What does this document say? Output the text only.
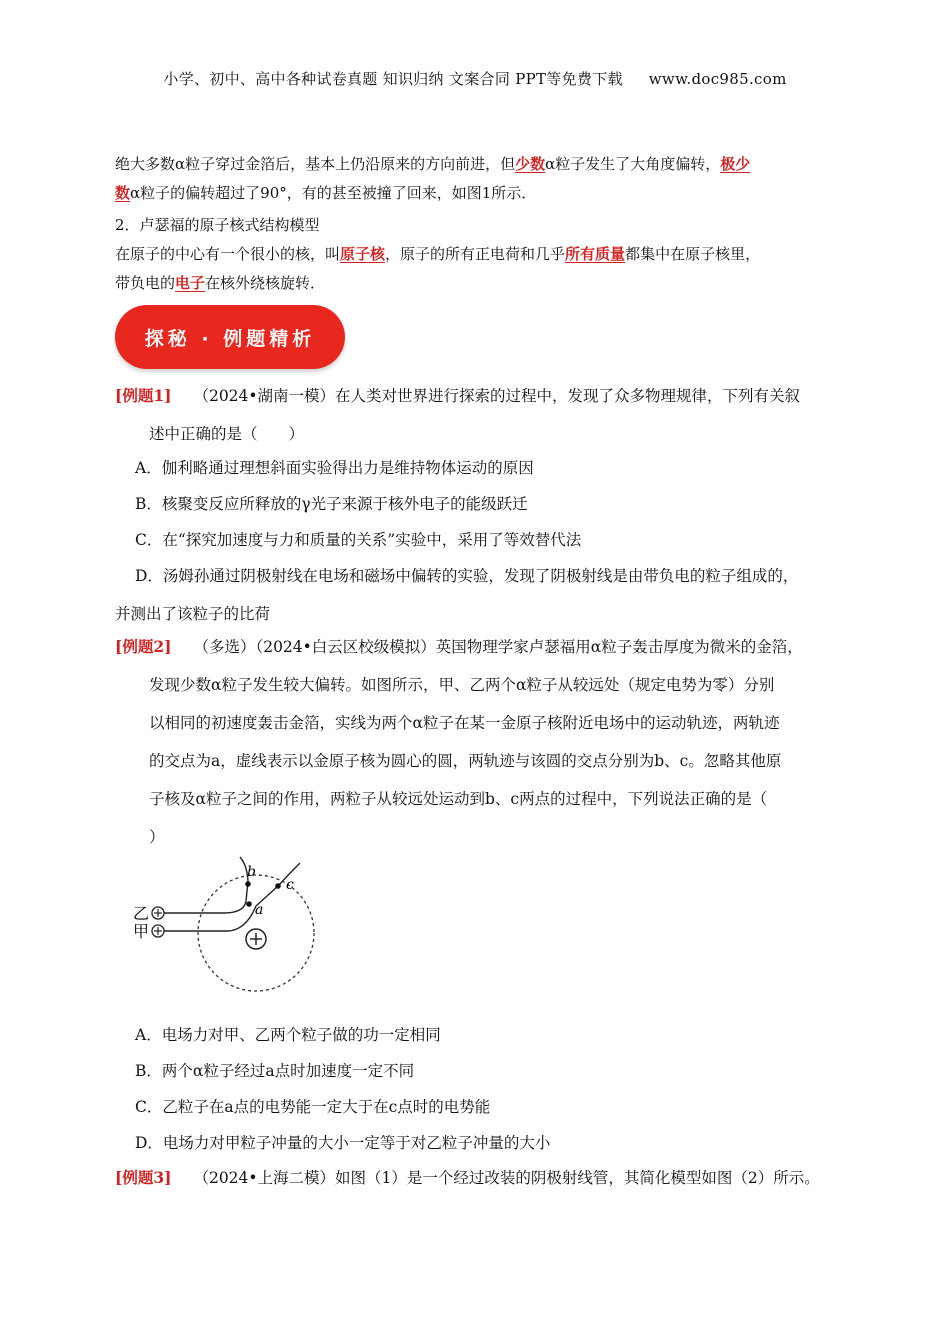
小学、初中、高中各种试卷真题 知识归纳 文案合同 PPT等免费下载 www.doc985.com
绝大多数α粒子穿过金箔后，基本上仍沿原来的方向前进，但少数α粒子发生了大角度偏转，极少
数α粒子的偏转超过了90°，有的甚至被撞了回来，如图1所示．
2．卢瑟福的原子核式结构模型
在原子的中心有一个很小的核，叫原子核，原子的所有正电荷和几乎所有质量都集中在原子核里，
带负电的电子在核外绕核旋转．
探秘 · 例题精析
[例题1] （2024•湖南一模）在人类对世界进行探索的过程中，发现了众多物理规律，下列有关叙
述中正确的是（　　）
A．伽利略通过理想斜面实验得出力是维持物体运动的原因
B．核聚变反应所释放的γ光子来源于核外电子的能级跃迁
C．在“探究加速度与力和质量的关系”实验中，采用了等效替代法
D．汤姆孙通过阴极射线在电场和磁场中偏转的实验，发现了阴极射线是由带负电的粒子组成的，
并测出了该粒子的比荷
[例题2] （多选）（2024•白云区校级模拟）英国物理学家卢瑟福用α粒子轰击厚度为微米的金箔，
发现少数α粒子发生较大偏转。如图所示，甲、乙两个α粒子从较远处（规定电势为零）分别
以相同的初速度轰击金箔，实线为两个α粒子在某一金原子核附近电场中的运动轨迹，两轨迹
的交点为a，虚线表示以金原子核为圆心的圆，两轨迹与该圆的交点分别为b、c。忽略其他原
子核及α粒子之间的作用，两粒子从较远处运动到b、c两点的过程中，下列说法正确的是（
）
乙
甲
a
b
c
A．电场力对甲、乙两个粒子做的功一定相同
B．两个α粒子经过a点时加速度一定不同
C．乙粒子在a点的电势能一定大于在c点时的电势能
D．电场力对甲粒子冲量的大小一定等于对乙粒子冲量的大小
[例题3] （2024•上海二模）如图（1）是一个经过改装的阴极射线管，其简化模型如图（2）所示。
